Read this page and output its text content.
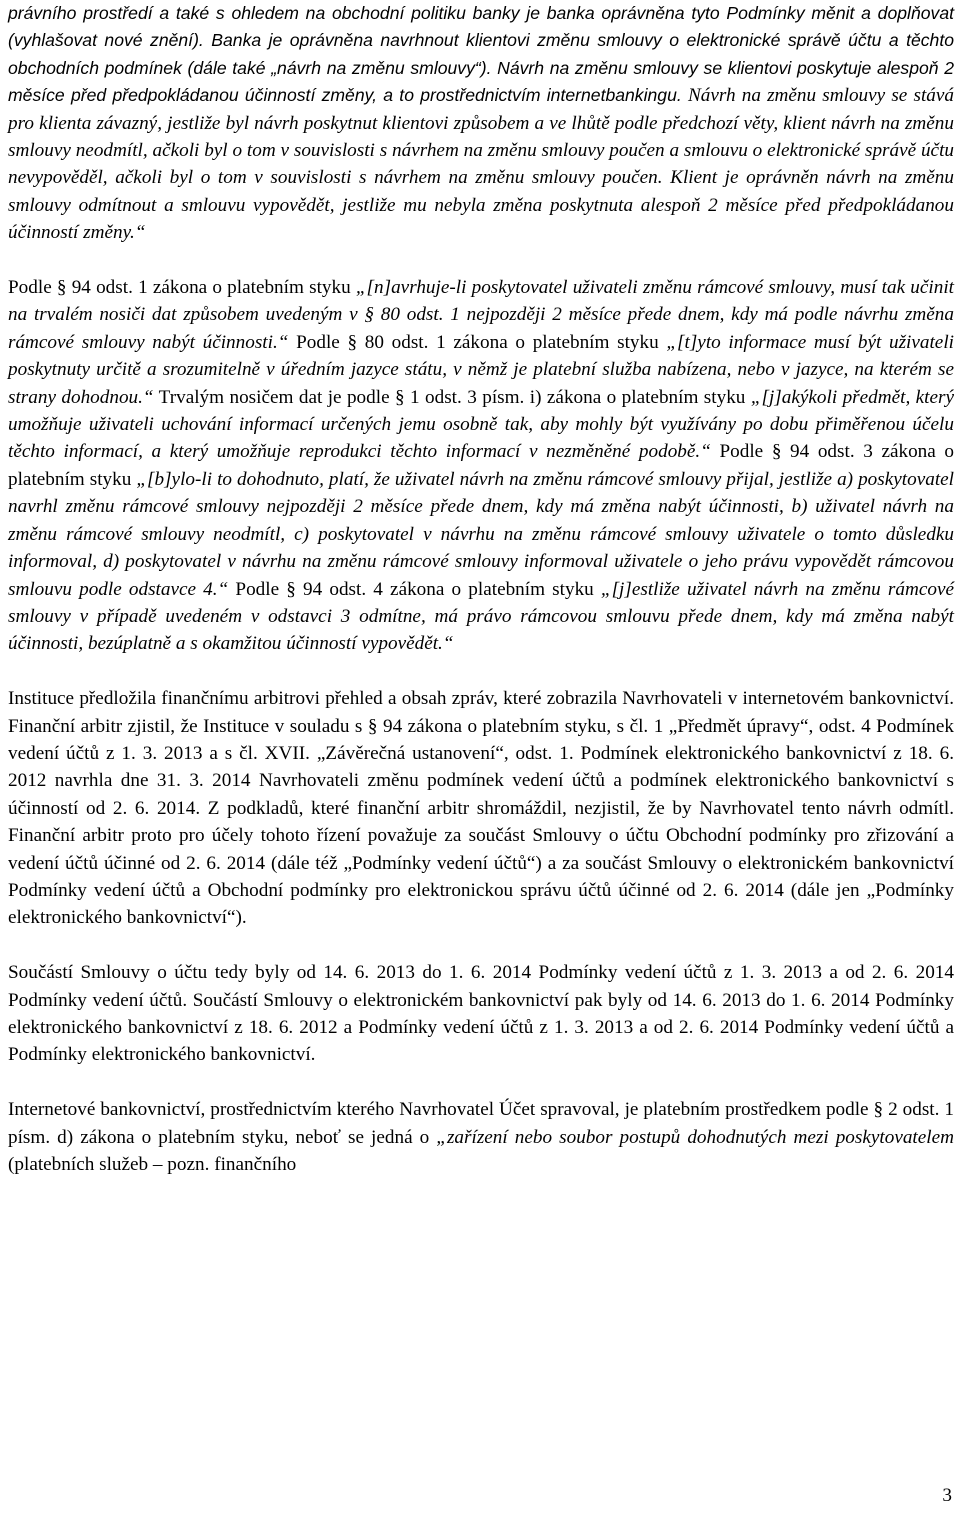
právního prostředí a také s ohledem na obchodní politiku banky je banka oprávněna tyto Podmínky měnit a doplňovat (vyhlašovat nové znění). Banka je oprávněna navrhnout klientovi změnu smlouvy o elektronické správě účtu a těchto obchodních podmínek (dále také „návrh na změnu smlouvy“). Návrh na změnu smlouvy se klientovi poskytuje alespoň 2 měsíce před předpokládanou účinností změny, a to prostřednictvím internetbankingu. Návrh na změnu smlouvy se stává pro klienta závazný, jestliže byl návrh poskytnut klientovi způsobem a ve lhůtě podle předchozí věty, klient návrh na změnu smlouvy neodmítl, ačkoli byl o tom v souvislosti s návrhem na změnu smlouvy poučen a smlouvu o elektronické správě účtu nevypověděl, ačkoli byl o tom v souvislosti s návrhem na změnu smlouvy poučen. Klient je oprávněn návrh na změnu smlouvy odmítnout a smlouvu vypovědět, jestliže mu nebyla změna poskytnuta alespoň 2 měsíce před předpokládanou účinností změny.“

Podle § 94 odst. 1 zákona o platebním styku „[n]avrhuje-li poskytovatel uživateli změnu rámcové smlouvy, musí tak učinit na trvalém nosiči dat způsobem uvedeným v § 80 odst. 1 nejpozději 2 měsíce přede dnem, kdy má podle návrhu změna rámcové smlouvy nabýt účinnosti.“ Podle § 80 odst. 1 zákona o platebním styku „[t]yto informace musí být uživateli poskytnuty určitě a srozumitelně v úředním jazyce státu, v němž je platební služba nabízena, nebo v jazyce, na kterém se strany dohodnou.“ Trvalým nosičem dat je podle § 1 odst. 3 písm. i) zákona o platebním styku „[j]akýkoli předmět, který umožňuje uživateli uchování informací určených jemu osobně tak, aby mohly být využívány po dobu přiměřenou účelu těchto informací, a který umožňuje reprodukci těchto informací v nezměněné podobě.“ Podle § 94 odst. 3 zákona o platebním styku „[b]ylo-li to dohodnuto, platí, že uživatel návrh na změnu rámcové smlouvy přijal, jestliže a) poskytovatel navrhl změnu rámcové smlouvy nejpozději 2 měsíce přede dnem, kdy má změna nabýt účinnosti, b) uživatel návrh na změnu rámcové smlouvy neodmítl, c) poskytovatel v návrhu na změnu rámcové smlouvy uživatele o tomto důsledku informoval, d) poskytovatel v návrhu na změnu rámcové smlouvy informoval uživatele o jeho právu vypovědět rámcovou smlouvu podle odstavce 4.“ Podle § 94 odst. 4 zákona o platebním styku „[j]estliže uživatel návrh na změnu rámcové smlouvy v případě uvedeném v odstavci 3 odmítne, má právo rámcovou smlouvu přede dnem, kdy má změna nabýt účinnosti, bezúplatně a s okamžitou účinností vypovědět.“

Instituce předložila finančnímu arbitrovi přehled a obsah zpráv, které zobrazila Navrhovateli v internetovém bankovnictví. Finanční arbitr zjistil, že Instituce v souladu s § 94 zákona o platebním styku, s čl. 1 „Předmět úpravy“, odst. 4 Podmínek vedení účtů z 1. 3. 2013 a s čl. XVII. „Závěrečná ustanovení“, odst. 1. Podmínek elektronického bankovnictví z 18. 6. 2012 navrhla dne 31. 3. 2014 Navrhovateli změnu podmínek vedení účtů a podmínek elektronického bankovnictví s účinností od 2. 6. 2014. Z podkladů, které finanční arbitr shromáždil, nezjistil, že by Navrhovatel tento návrh odmítl. Finanční arbitr proto pro účely tohoto řízení považuje za součást Smlouvy o účtu Obchodní podmínky pro zřizování a vedení účtů účinné od 2. 6. 2014 (dále též „Podmínky vedení účtů“) a za součást Smlouvy o elektronickém bankovnictví Podmínky vedení účtů a Obchodní podmínky pro elektronickou správu účtů účinné od 2. 6. 2014 (dále jen „Podmínky elektronického bankovnictví“).

Součástí Smlouvy o účtu tedy byly od 14. 6. 2013 do 1. 6. 2014 Podmínky vedení účtů z 1. 3. 2013 a od 2. 6. 2014 Podmínky vedení účtů. Součástí Smlouvy o elektronickém bankovnictví pak byly od 14. 6. 2013 do 1. 6. 2014 Podmínky elektronického bankovnictví z 18. 6. 2012 a Podmínky vedení účtů z 1. 3. 2013 a od 2. 6. 2014 Podmínky vedení účtů a Podmínky elektronického bankovnictví.

Internetové bankovnictví, prostřednictvím kterého Navrhovatel Účet spravoval, je platebním prostředkem podle § 2 odst. 1 písm. d) zákona o platebním styku, neboť se jedná o „zařízení nebo soubor postupů dohodnutých mezi poskytovatelem (platebních služeb – pozn. finančního

3
